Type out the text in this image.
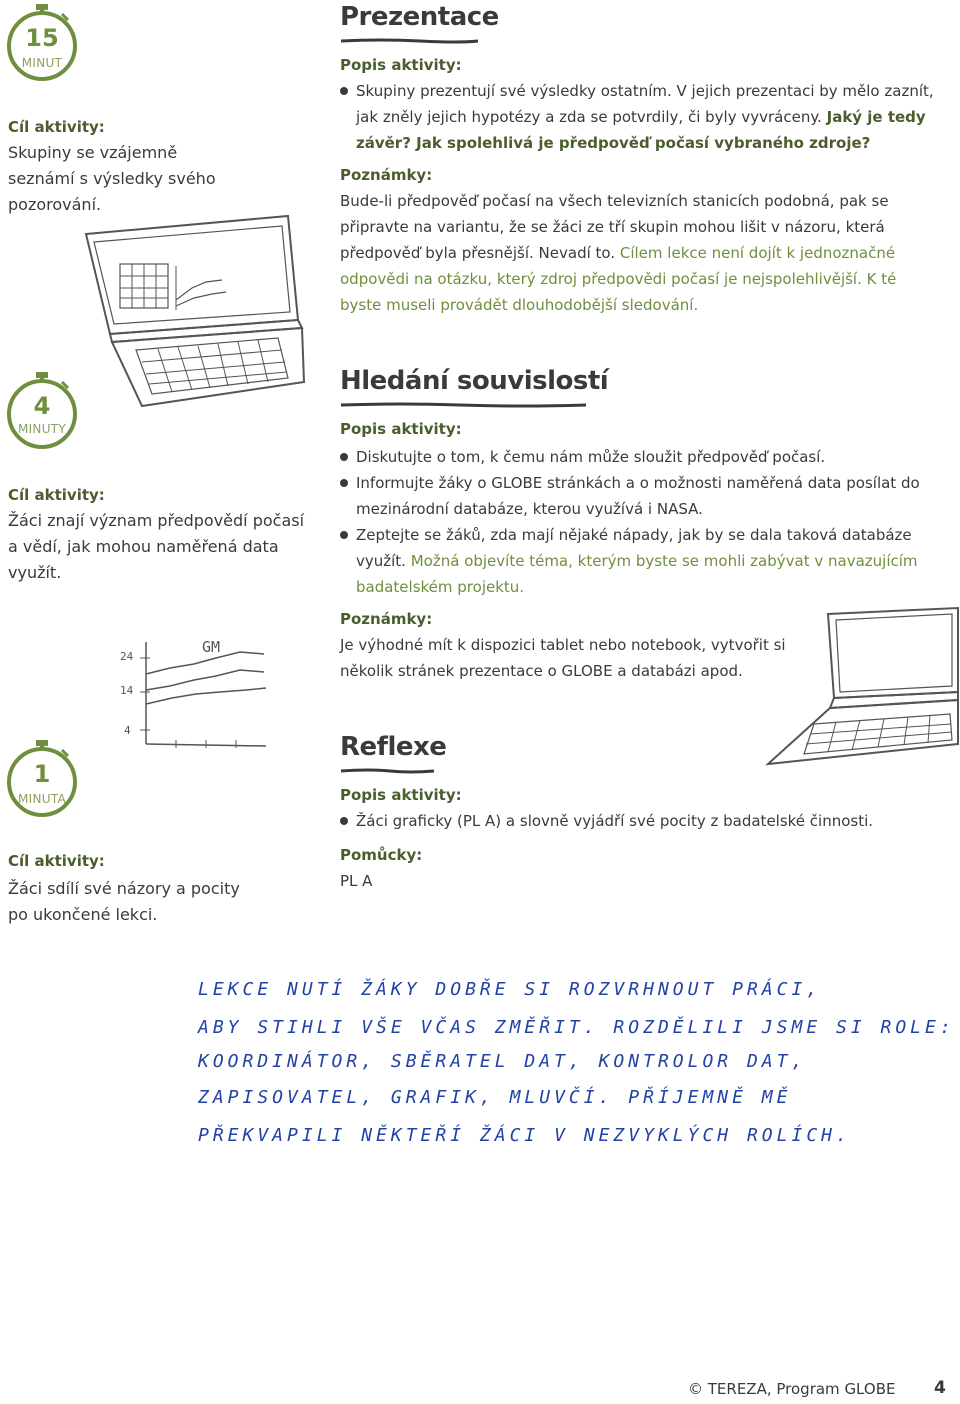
15
MINUT
Cíl aktivity:
Skupiny se vzájemně seznámí s výsledky svého pozorování.
Prezentace
Popis aktivity:
Skupiny prezentují své výsledky ostatním. V jejich prezentaci by mělo zaznít, jak zněly jejich hypotézy a zda se potvrdily, či byly vyvráceny. Jaký je tedy závěr? Jak spolehlivá je předpověď počasí vybraného zdroje?
Poznámky:
Bude-li předpověď počasí na všech televizních stanicích podobná, pak se připravte na variantu, že se žáci ze tří skupin mohou lišit v názoru, která předpověď byla přesnější. Nevadí to. Cílem lekce není dojít k jednoznačné odpovědi na otázku, který zdroj předpovědi počasí je nejspolehlivější. K té byste museli provádět dlouhodobější sledování.
4
MINUTY
Cíl aktivity:
Žáci znají význam předpovědí počasí a vědí, jak mohou naměřená data využít.
Hledání souvislostí
Popis aktivity:
Diskutujte o tom, k čemu nám může sloužit předpověď počasí.
Informujte žáky o GLOBE stránkách a o možnosti naměřená data posílat do mezinárodní databáze, kterou využívá i NASA.
Zeptejte se žáků, zda mají nějaké nápady, jak by se dala taková databáze využít. Možná objevíte téma, kterým byste se mohli zabývat v navazujícím badatelském projektu.
Poznámky:
Je výhodné mít k dispozici tablet nebo notebook, vytvořit si několik stránek prezentace o GLOBE a databázi apod.
GM
24
14
4
1
MINUTA
Cíl aktivity:
Žáci sdílí své názory a pocity po ukončené lekci.
Reflexe
Popis aktivity:
Žáci graficky (PL A) a slovně vyjádří své pocity z badatelské činnosti.
Pomůcky:
PL A
LEKCE NUTÍ ŽÁKY DOBŘE SI ROZVRHNOUT PRÁCI,
ABY STIHLI VŠE VČAS ZMĚŘIT. ROZDĚLILI JSME SI ROLE:
KOORDINÁTOR, SBĚRATEL DAT, KONTROLOR DAT,
ZAPISOVATEL, GRAFIK, MLUVČÍ. PŘÍJEMNĚ MĚ
PŘEKVAPILI NĚKTEŘÍ ŽÁCI V NEZVYKLÝCH ROLÍCH.
© TEREZA, Program GLOBE 4
